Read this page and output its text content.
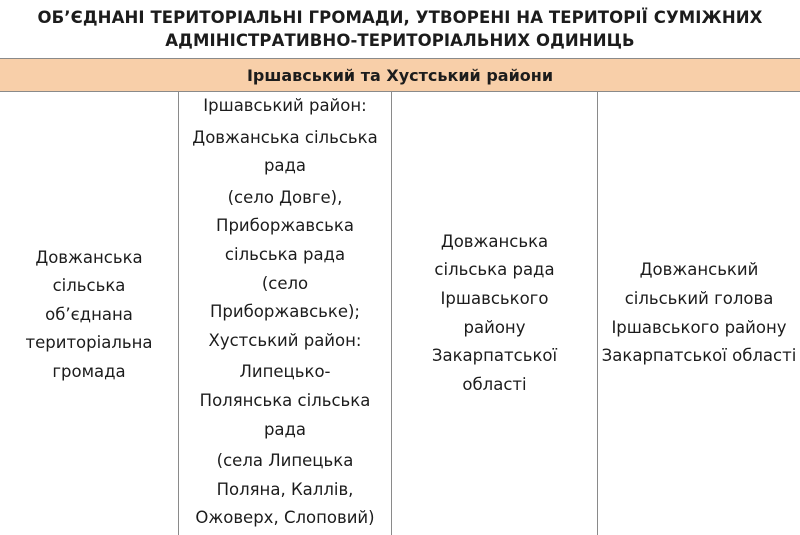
ОБ’ЄДНАНІ ТЕРИТОРІАЛЬНІ ГРОМАДИ, УТВОРЕНІ НА ТЕРИТОРІЇ СУМІЖНИХ
АДМІНІСТРАТИВНО-ТЕРИТОРІАЛЬНИХ ОДИНИЦЬ
Іршавський та Хустський райони
Довжанська сільська об’єднана територіальна громада
Іршавський район:
Довжанська сільська
рада
(село Довге),
Приборжавська
сільська рада
(село
Приборжавське);
Хустський район:
Липецько-
Полянська сільська
рада
(села Липецька
Поляна, Каллів,
Ожоверх, Слоповий)
Довжанська сільська рада Іршавського району Закарпатської області
Довжанський сільський голова Іршавського району Закарпатської області
